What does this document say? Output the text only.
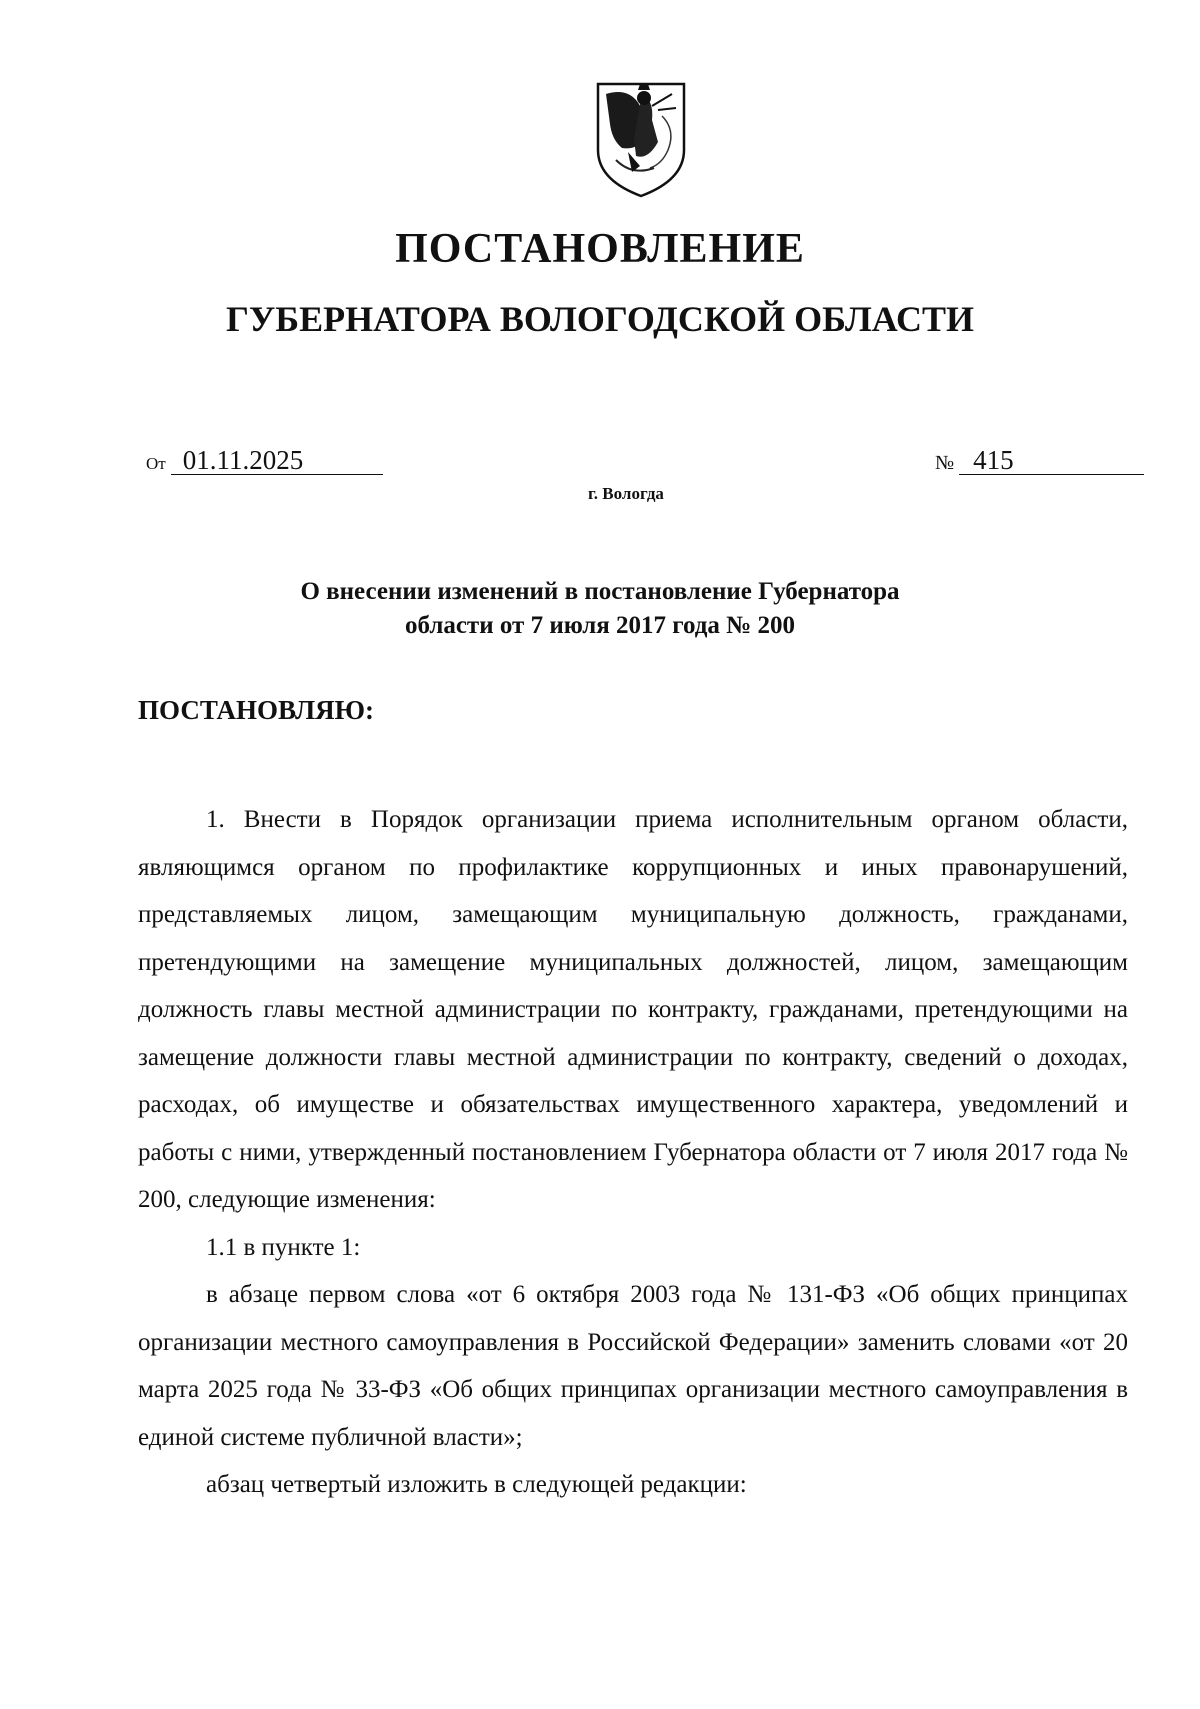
ПОСТАНОВЛЕНИЕ
ГУБЕРНАТОРА ВОЛОГОДСКОЙ ОБЛАСТИ
От 01.11.2025	№ 415
г. Вологда
О внесении изменений в постановление Губернатора
области от 7 июля 2017 года № 200
ПОСТАНОВЛЯЮ:

1. Внести в Порядок организации приема исполнительным органом области, являющимся органом по профилактике коррупционных и иных правонарушений, представляемых лицом, замещающим муниципальную должность, гражданами, претендующими на замещение муниципальных должностей, лицом, замещающим должность главы местной администрации по контракту, гражданами, претендующими на замещение должности главы местной администрации по контракту, сведений о доходах, расходах, об имуществе и обязательствах имущественного характера, уведомлений и работы с ними, утвержденный постановлением Губернатора области от 7 июля 2017 года № 200, следующие изменения:

1.1 в пункте 1:

в абзаце первом слова «от 6 октября 2003 года № 131-ФЗ «Об общих принципах организации местного самоуправления в Российской Федерации» заменить словами «от 20 марта 2025 года № 33-ФЗ «Об общих принципах организации местного самоуправления в единой системе публичной власти»;

абзац четвертый изложить в следующей редакции:
